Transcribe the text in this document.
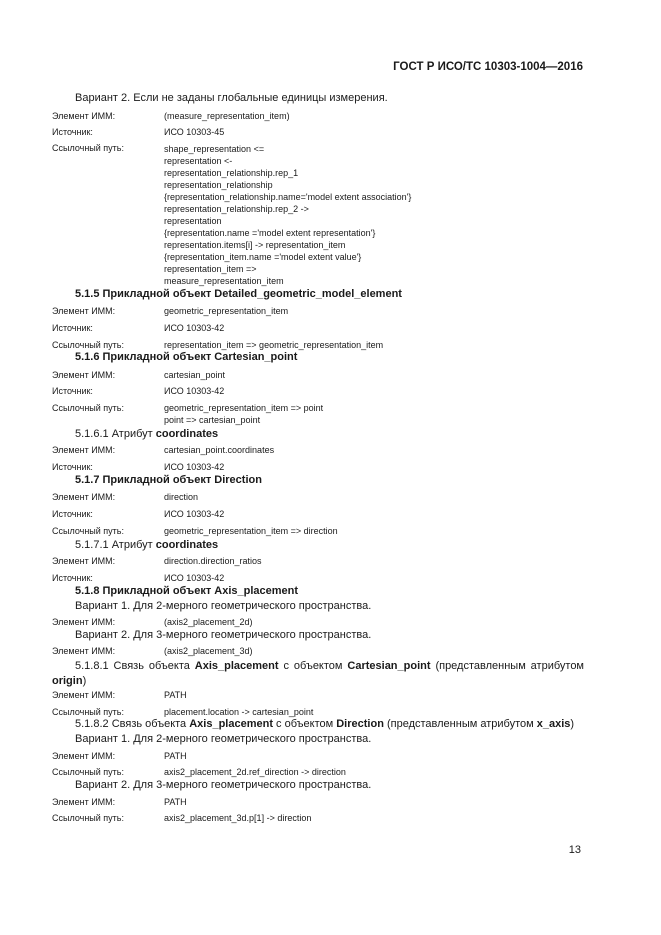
ГОСТ Р ИСО/ТС 10303-1004—2016
Вариант 2. Если не заданы глобальные единицы измерения.
Элемент ИММ:	(measure_representation_item)
Источник:	ИСО 10303-45
Ссылочный путь:	shape_representation <=
representation <-
representation_relationship.rep_1
representation_relationship
{representation_relationship.name='model extent association'}
representation_relationship.rep_2 ->
representation
{representation.name ='model extent representation'}
representation.items[i] -> representation_item
{representation_item.name ='model extent value'}
representation_item =>
measure_representation_item
5.1.5 Прикладной объект Detailed_geometric_model_element
Элемент ИММ:	geometric_representation_item
Источник:	ИСО 10303-42
Ссылочный путь:	representation_item => geometric_representation_item
5.1.6 Прикладной объект Cartesian_point
Элемент ИММ:	cartesian_point
Источник:	ИСО 10303-42
Ссылочный путь:	geometric_representation_item => point
point => cartesian_point
5.1.6.1 Атрибут coordinates
Элемент ИММ:	cartesian_point.coordinates
Источник:	ИСО 10303-42
5.1.7 Прикладной объект Direction
Элемент ИММ:	direction
Источник:	ИСО 10303-42
Ссылочный путь:	geometric_representation_item => direction
5.1.7.1 Атрибут coordinates
Элемент ИММ:	direction.direction_ratios
Источник:	ИСО 10303-42
5.1.8 Прикладной объект Axis_placement
Вариант 1. Для 2-мерного геометрического пространства.
Элемент ИММ:	(axis2_placement_2d)
Вариант 2. Для 3-мерного геометрического пространства.
Элемент ИММ:	(axis2_placement_3d)
5.1.8.1 Связь объекта Axis_placement с объектом Cartesian_point (представленным атрибутом origin)
Элемент ИММ:	PATH
Ссылочный путь:	placement.location -> cartesian_point
5.1.8.2 Связь объекта Axis_placement с объектом Direction (представленным атрибутом x_axis)
Вариант 1. Для 2-мерного геометрического пространства.
Элемент ИММ:	PATH
Ссылочный путь:	axis2_placement_2d.ref_direction -> direction
Вариант 2. Для 3-мерного геометрического пространства.
Элемент ИММ:	PATH
Ссылочный путь:	axis2_placement_3d.p[1] -> direction
13
